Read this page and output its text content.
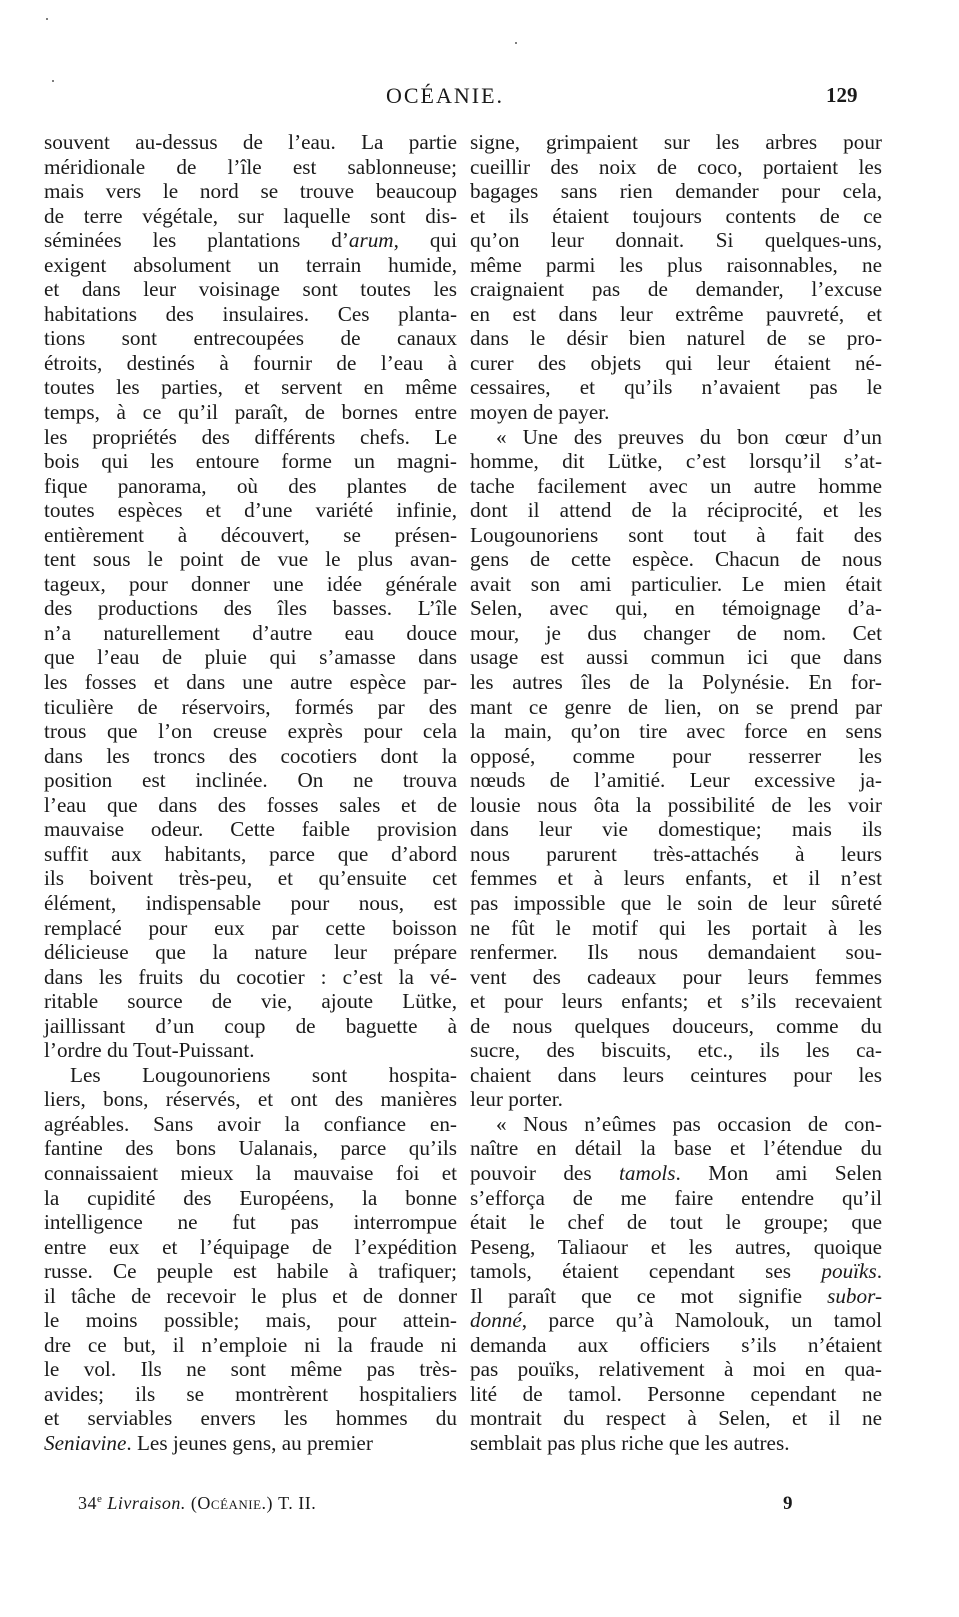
OCÉANIE.	129
souvent au-dessus de l’eau. La partie
méridionale de l’île est sablonneuse;
mais vers le nord se trouve beaucoup
de terre végétale, sur laquelle sont dis-
séminées les plantations d’arum, qui
exigent absolument un terrain humide,
et dans leur voisinage sont toutes les
habitations des insulaires. Ces planta-
tions sont entrecoupées de canaux
étroits, destinés à fournir de l’eau à
toutes les parties, et servent en même
temps, à ce qu’il paraît, de bornes entre
les propriétés des différents chefs. Le
bois qui les entoure forme un magni-
fique panorama, où des plantes de
toutes espèces et d’une variété infinie,
entièrement à découvert, se présen-
tent sous le point de vue le plus avan-
tageux, pour donner une idée générale
des productions des îles basses. L’île
n’a naturellement d’autre eau douce
que l’eau de pluie qui s’amasse dans
les fosses et dans une autre espèce par-
ticulière de réservoirs, formés par des
trous que l’on creuse exprès pour cela
dans les troncs des cocotiers dont la
position est inclinée. On ne trouva
l’eau que dans des fosses sales et de
mauvaise odeur. Cette faible provision
suffit aux habitants, parce que d’abord
ils boivent très-peu, et qu’ensuite cet
élément, indispensable pour nous, est
remplacé pour eux par cette boisson
délicieuse que la nature leur prépare
dans les fruits du cocotier : c’est la vé-
ritable source de vie, ajoute Lütke,
jaillissant d’un coup de baguette à
l’ordre du Tout-Puissant.
Les Lougounoriens sont hospita-
liers, bons, réservés, et ont des manières
agréables. Sans avoir la confiance en-
fantine des bons Ualanais, parce qu’ils
connaissaient mieux la mauvaise foi et
la cupidité des Européens, la bonne
intelligence ne fut pas interrompue
entre eux et l’équipage de l’expédition
russe. Ce peuple est habile à trafiquer;
il tâche de recevoir le plus et de donner
le moins possible; mais, pour attein-
dre ce but, il n’emploie ni la fraude ni
le vol. Ils ne sont même pas très-
avides; ils se montrèrent hospitaliers
et serviables envers les hommes du
Seniavine. Les jeunes gens, au premier
signe, grimpaient sur les arbres pour
cueillir des noix de coco, portaient les
bagages sans rien demander pour cela,
et ils étaient toujours contents de ce
qu’on leur donnait. Si quelques-uns,
même parmi les plus raisonnables, ne
craignaient pas de demander, l’excuse
en est dans leur extrême pauvreté, et
dans le désir bien naturel de se pro-
curer des objets qui leur étaient né-
cessaires, et qu’ils n’avaient pas le
moyen de payer.
« Une des preuves du bon cœur d’un
homme, dit Lütke, c’est lorsqu’il s’at-
tache facilement avec un autre homme
dont il attend de la réciprocité, et les
Lougounoriens sont tout à fait des
gens de cette espèce. Chacun de nous
avait son ami particulier. Le mien était
Selen, avec qui, en témoignage d’a-
mour, je dus changer de nom. Cet
usage est aussi commun ici que dans
les autres îles de la Polynésie. En for-
mant ce genre de lien, on se prend par
la main, qu’on tire avec force en sens
opposé, comme pour resserrer les
nœuds de l’amitié. Leur excessive ja-
lousie nous ôta la possibilité de les voir
dans leur vie domestique; mais ils
nous parurent très-attachés à leurs
femmes et à leurs enfants, et il n’est
pas impossible que le soin de leur sûreté
ne fût le motif qui les portait à les
renfermer. Ils nous demandaient sou-
vent des cadeaux pour leurs femmes
et pour leurs enfants; et s’ils recevaient
de nous quelques douceurs, comme du
sucre, des biscuits, etc., ils les ca-
chaient dans leurs ceintures pour les
leur porter.
« Nous n’eûmes pas occasion de con-
naître en détail la base et l’étendue du
pouvoir des tamols. Mon ami Selen
s’efforça de me faire entendre qu’il
était le chef de tout le groupe; que
Peseng, Taliaour et les autres, quoique
tamols, étaient cependant ses pouïks.
Il paraît que ce mot signifie subor-
donné, parce qu’à Namolouk, un tamol
demanda aux officiers s’ils n’étaient
pas pouïks, relativement à moi en qua-
lité de tamol. Personne cependant ne
montrait du respect à Selen, et il ne
semblait pas plus riche que les autres.
34e Livraison. (Océanie.) T. II.	9
